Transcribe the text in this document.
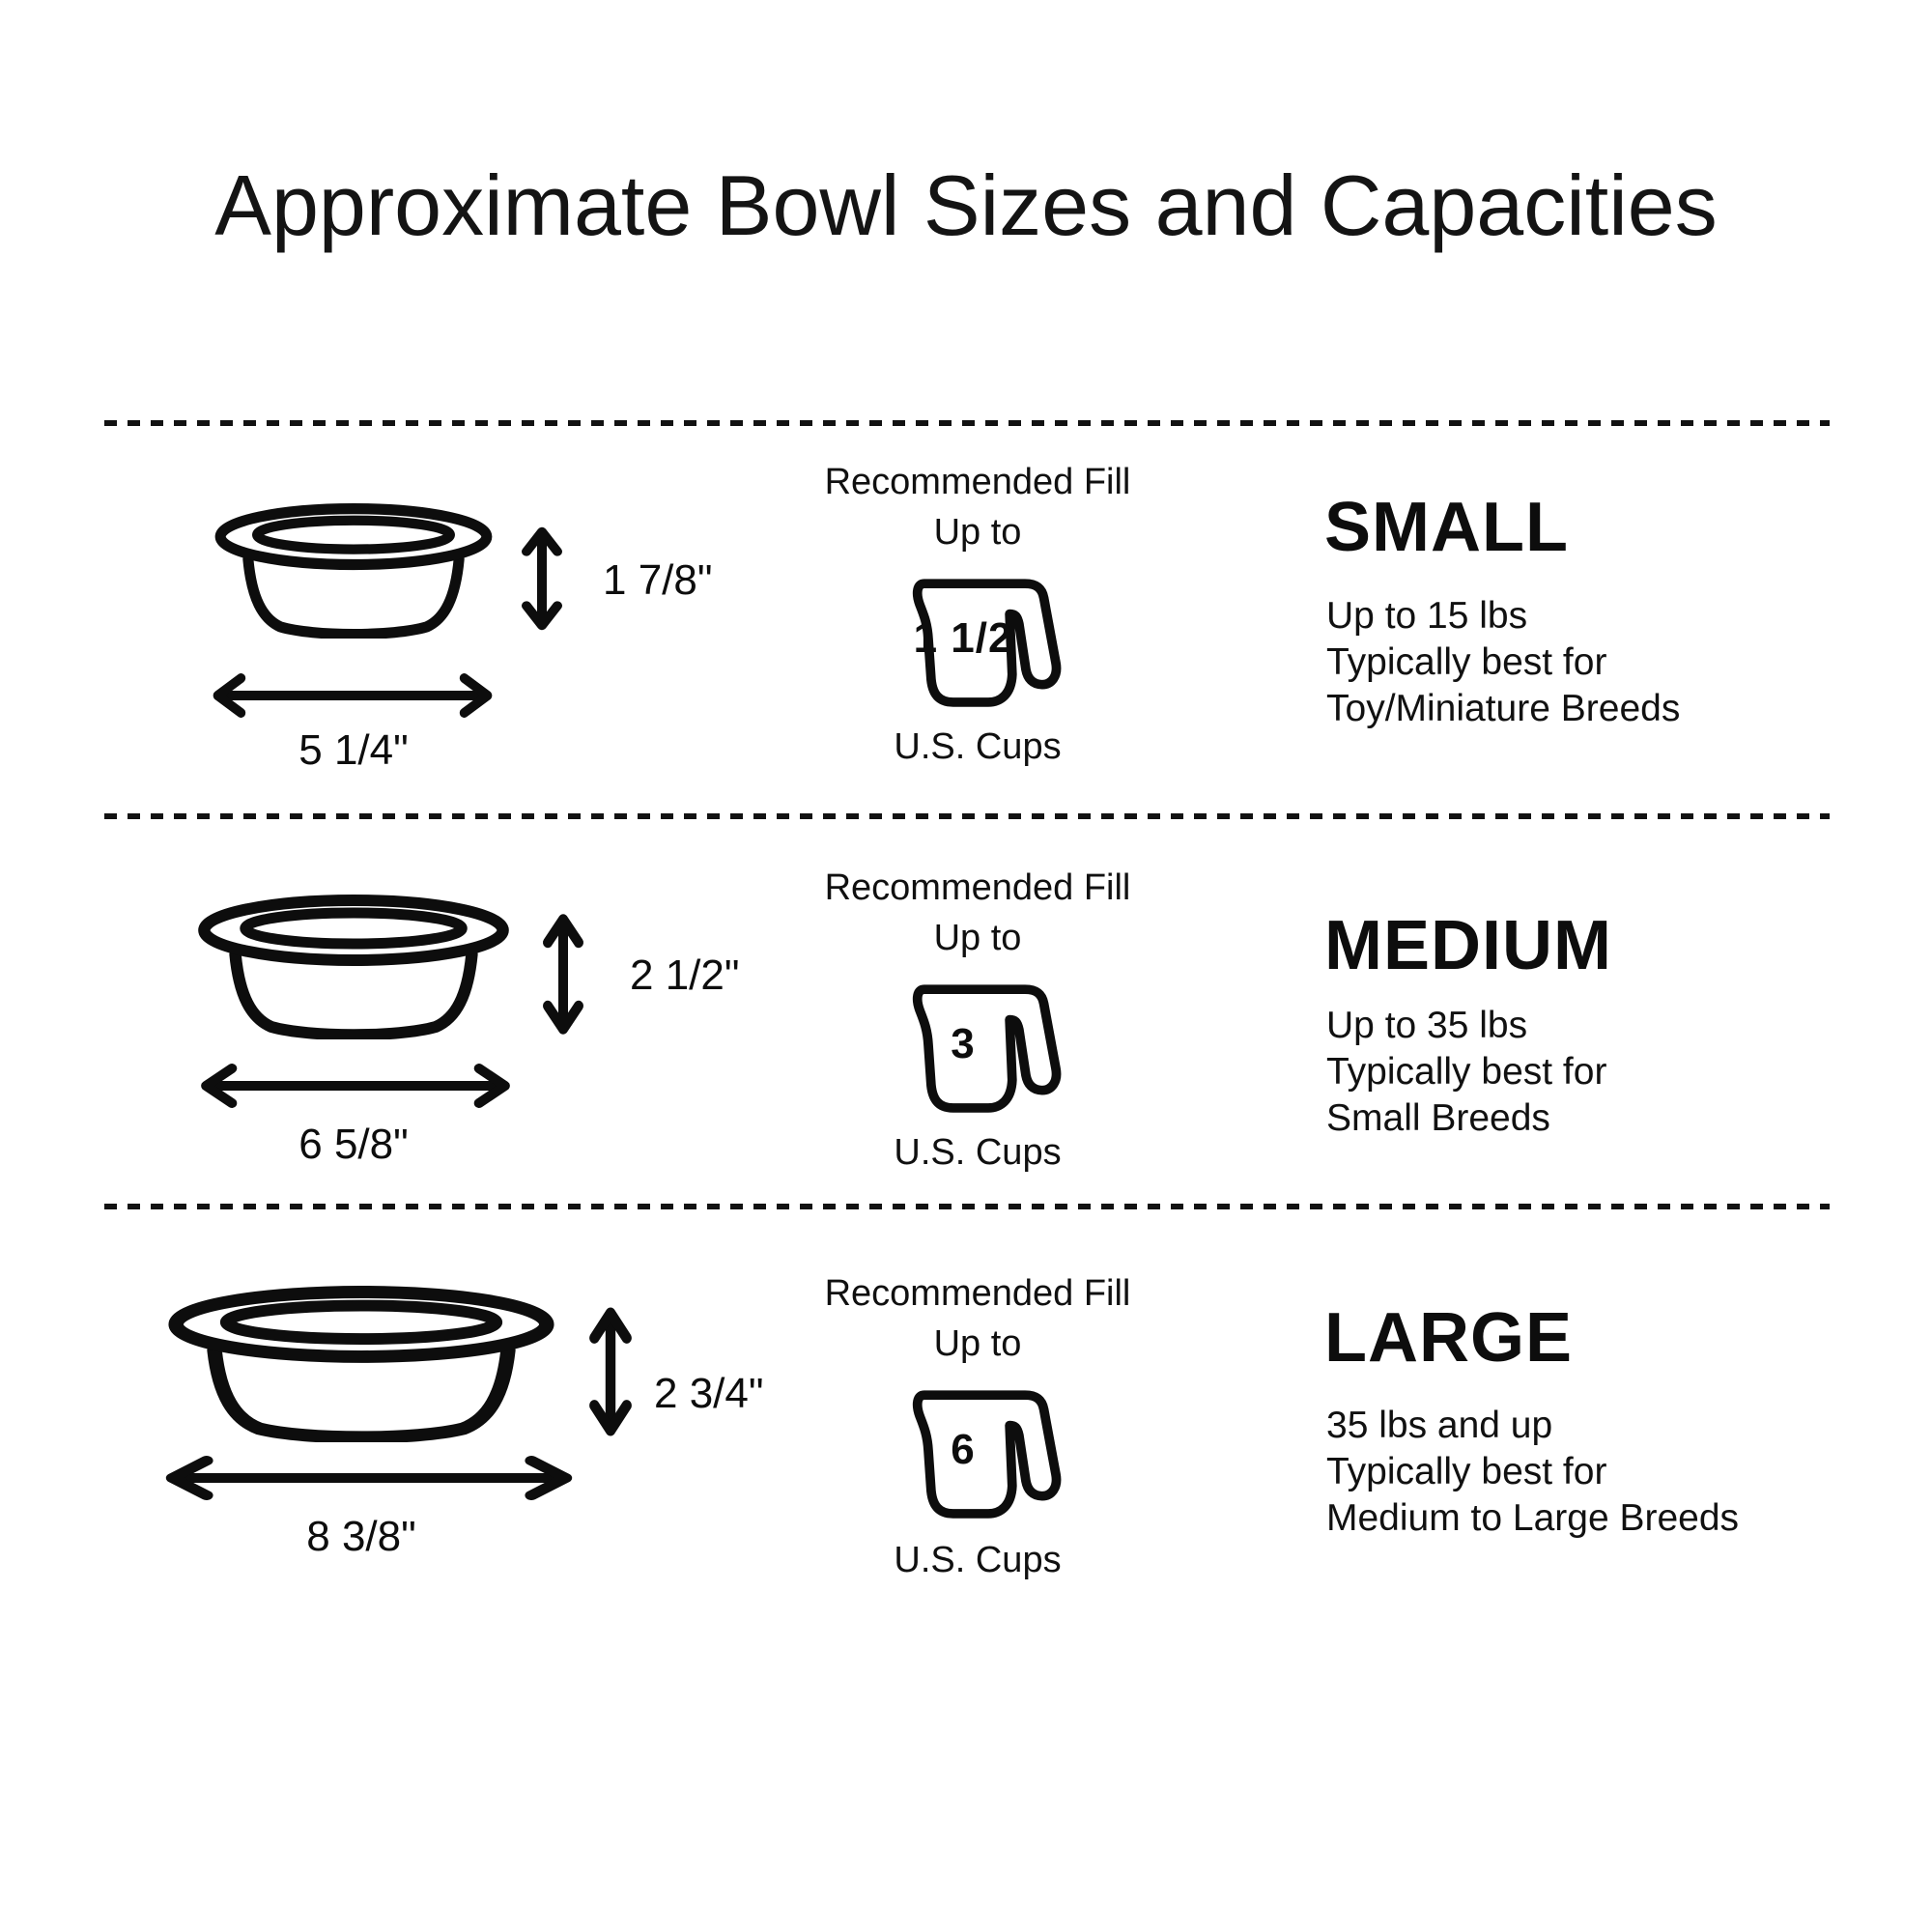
Approximate Bowl Sizes and Capacities
1 7/8"
5 1/4"
Recommended Fill
Up to
1 1/2
U.S. Cups
SMALL
Up to 15 lbs
Typically best for
Toy/Miniature Breeds
2 1/2"
6 5/8"
Recommended Fill
Up to
3
U.S. Cups
MEDIUM
Up to 35 lbs
Typically best for
Small Breeds
2 3/4"
8 3/8"
Recommended Fill
Up to
6
U.S. Cups
LARGE
35 lbs and up
Typically best for
Medium to Large Breeds
